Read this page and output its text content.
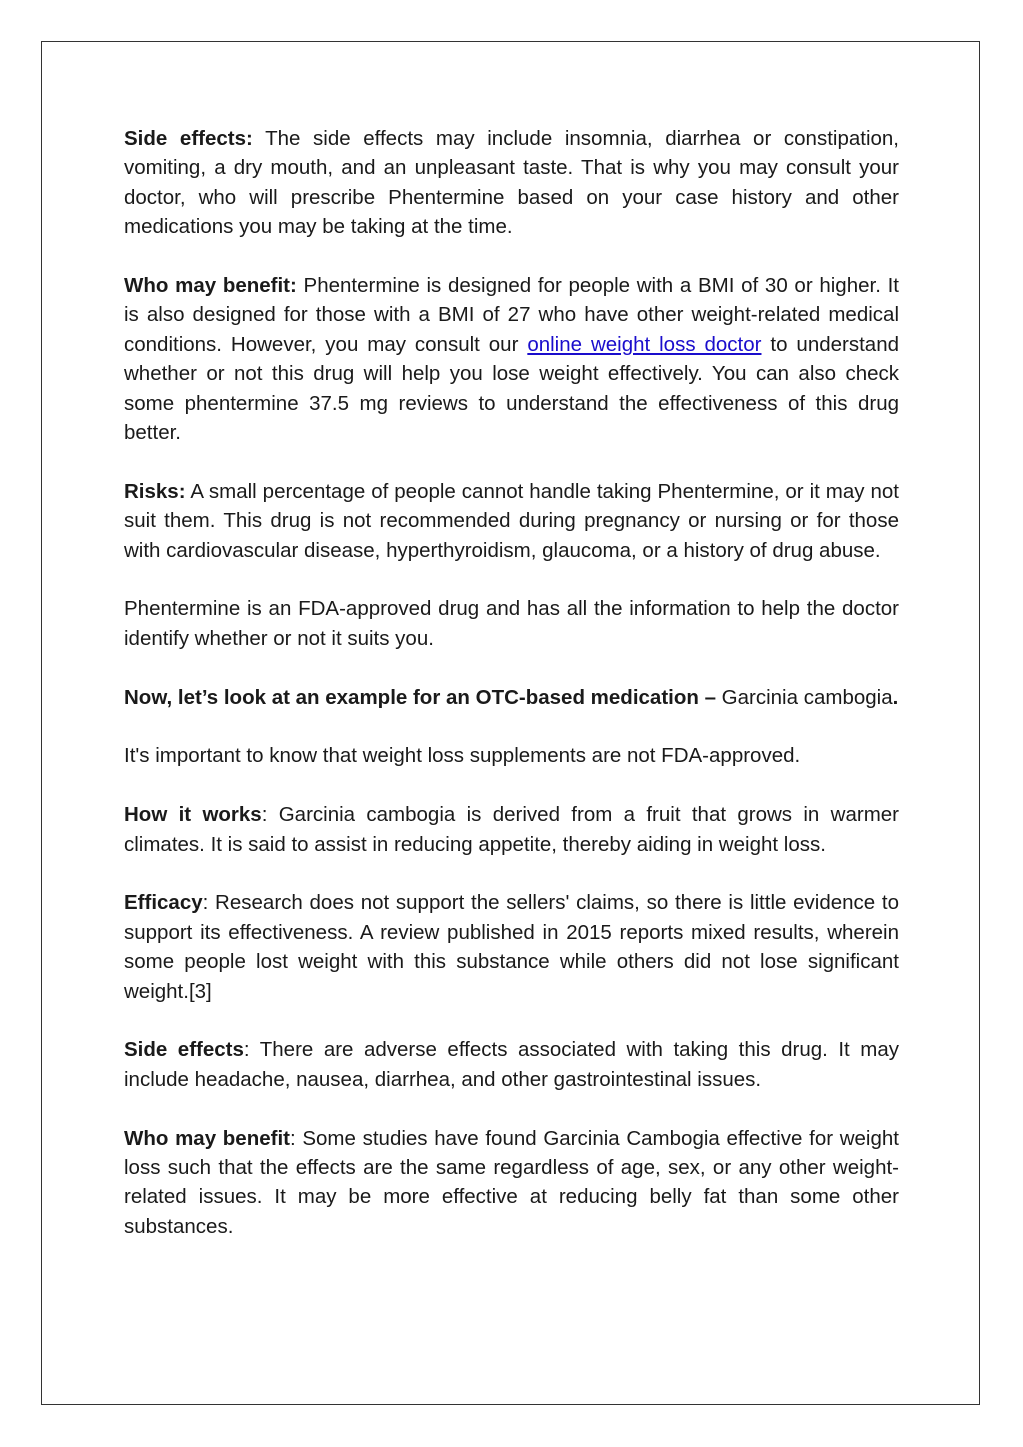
Side effects: The side effects may include insomnia, diarrhea or constipation, vomiting, a dry mouth, and an unpleasant taste. That is why you may consult your doctor, who will prescribe Phentermine based on your case history and other medications you may be taking at the time.

Who may benefit: Phentermine is designed for people with a BMI of 30 or higher. It is also designed for those with a BMI of 27 who have other weight-related medical conditions. However, you may consult our online weight loss doctor to understand whether or not this drug will help you lose weight effectively. You can also check some phentermine 37.5 mg reviews to understand the effectiveness of this drug better.

Risks: A small percentage of people cannot handle taking Phentermine, or it may not suit them. This drug is not recommended during pregnancy or nursing or for those with cardiovascular disease, hyperthyroidism, glaucoma, or a history of drug abuse.

Phentermine is an FDA-approved drug and has all the information to help the doctor identify whether or not it suits you.

Now, let’s look at an example for an OTC-based medication – Garcinia cambogia.

It's important to know that weight loss supplements are not FDA-approved.

How it works: Garcinia cambogia is derived from a fruit that grows in warmer climates. It is said to assist in reducing appetite, thereby aiding in weight loss.

Efficacy: Research does not support the sellers' claims, so there is little evidence to support its effectiveness. A review published in 2015 reports mixed results, wherein some people lost weight with this substance while others did not lose significant weight.[3]

Side effects: There are adverse effects associated with taking this drug. It may include headache, nausea, diarrhea, and other gastrointestinal issues.

Who may benefit: Some studies have found Garcinia Cambogia effective for weight loss such that the effects are the same regardless of age, sex, or any other weight-related issues. It may be more effective at reducing belly fat than some other substances.
